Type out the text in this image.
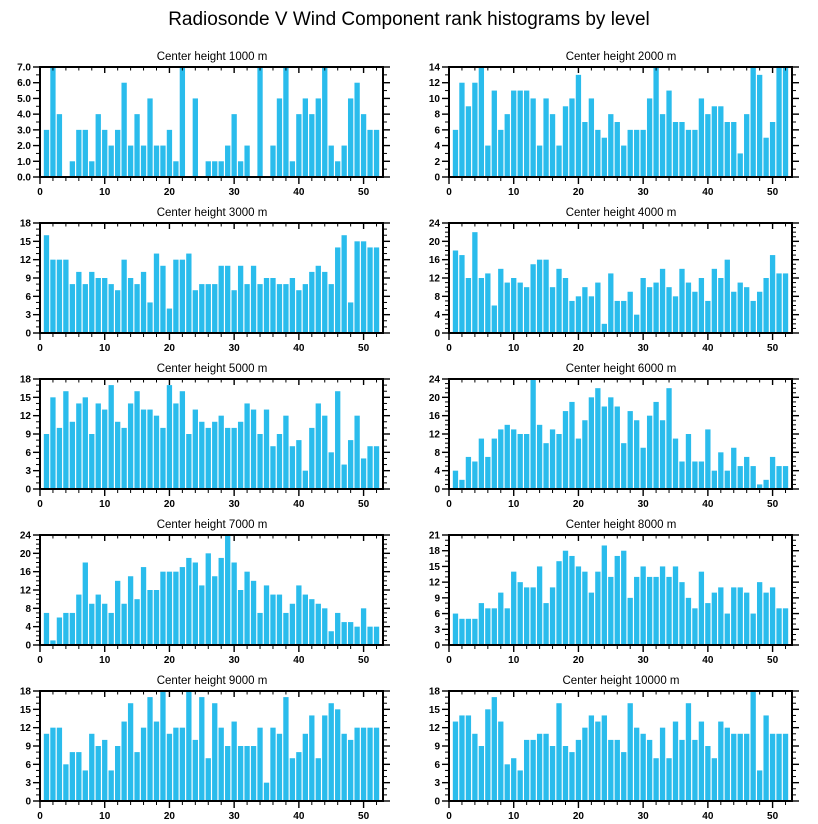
Radiosonde V Wind Component rank histograms by level
Center height 1000 m
0	10	20	30	40	50
0.0
1.0
2.0
3.0
4.0
5.0
6.0
7.0
Center height 2000 m
0	10	20	30	40	50
0
2
4
6
8
10
12
14
Center height 3000 m
0	10	20	30	40	50
0
3
6
9
12
15
18
Center height 4000 m
0	10	20	30	40	50
0
4
8
12
16
20
24
Center height 5000 m
0	10	20	30	40	50
0
3
6
9
12
15
18
Center height 6000 m
0	10	20	30	40	50
0
4
8
12
16
20
24
Center height 7000 m
0	10	20	30	40	50
0
4
8
12
16
20
24
Center height 8000 m
0	10	20	30	40	50
0
3
6
9
12
15
18
21
Center height 9000 m
0	10	20	30	40	50
0
3
6
9
12
15
18
Center height 10000 m
0	10	20	30	40	50
0
3
6
9
12
15
18
